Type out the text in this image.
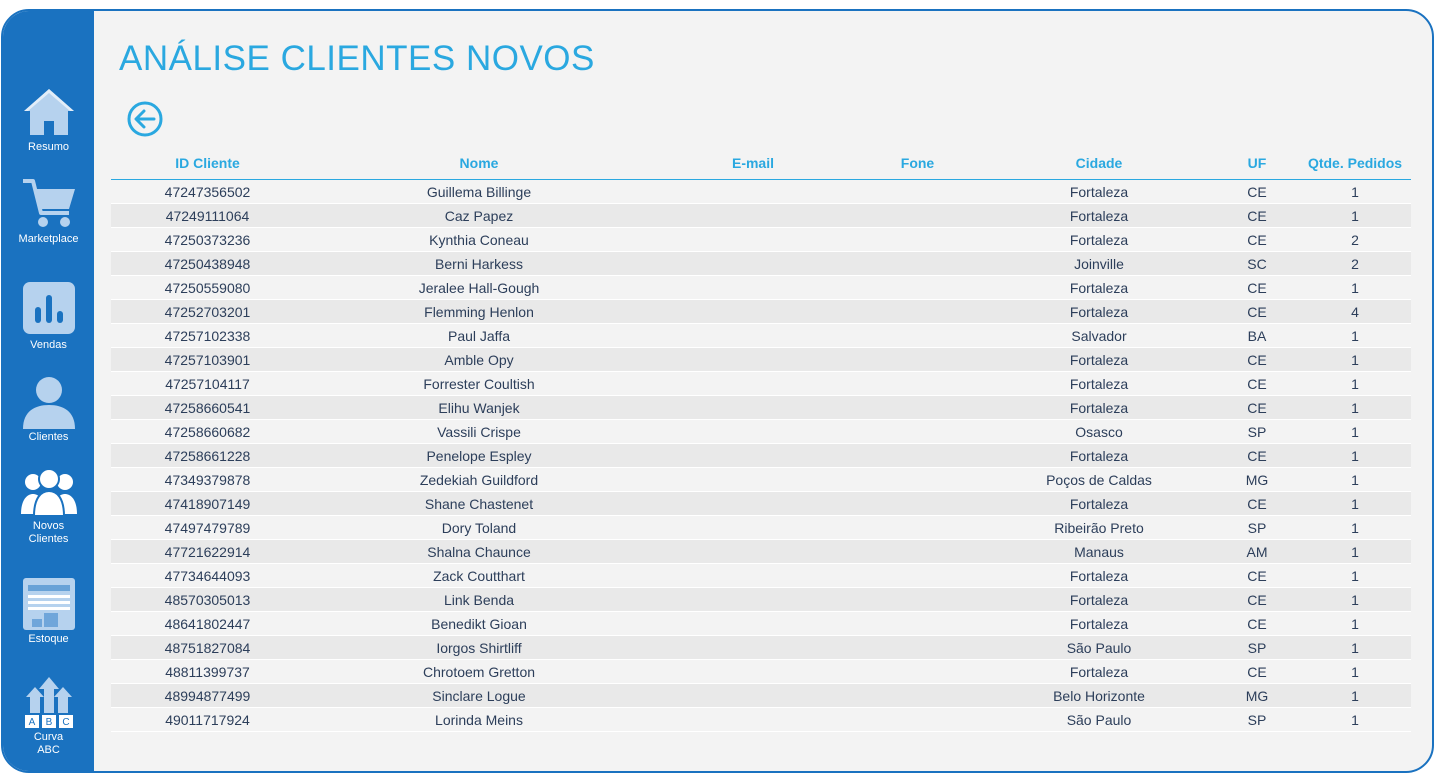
Resumo
Marketplace
Vendas
Clientes
Novos
Clientes
Estoque
A B C
Curva
ABC
ANÁLISE CLIENTES NOVOS
ID Cliente	Nome	E-mail	Fone	Cidade	UF	Qtde. Pedidos
47247356502	Guillema Billinge			Fortaleza	CE	1
47249111064	Caz Papez			Fortaleza	CE	1
47250373236	Kynthia Coneau			Fortaleza	CE	2
47250438948	Berni Harkess			Joinville	SC	2
47250559080	Jeralee Hall-Gough			Fortaleza	CE	1
47252703201	Flemming Henlon			Fortaleza	CE	4
47257102338	Paul Jaffa			Salvador	BA	1
47257103901	Amble Opy			Fortaleza	CE	1
47257104117	Forrester Coultish			Fortaleza	CE	1
47258660541	Elihu Wanjek			Fortaleza	CE	1
47258660682	Vassili Crispe			Osasco	SP	1
47258661228	Penelope Espley			Fortaleza	CE	1
47349379878	Zedekiah Guildford			Poços de Caldas	MG	1
47418907149	Shane Chastenet			Fortaleza	CE	1
47497479789	Dory Toland			Ribeirão Preto	SP	1
47721622914	Shalna Chaunce			Manaus	AM	1
47734644093	Zack Coutthart			Fortaleza	CE	1
48570305013	Link Benda			Fortaleza	CE	1
48641802447	Benedikt Gioan			Fortaleza	CE	1
48751827084	Iorgos Shirtliff			São Paulo	SP	1
48811399737	Chrotoem Gretton			Fortaleza	CE	1
48994877499	Sinclare Logue			Belo Horizonte	MG	1
49011717924	Lorinda Meins			São Paulo	SP	1
